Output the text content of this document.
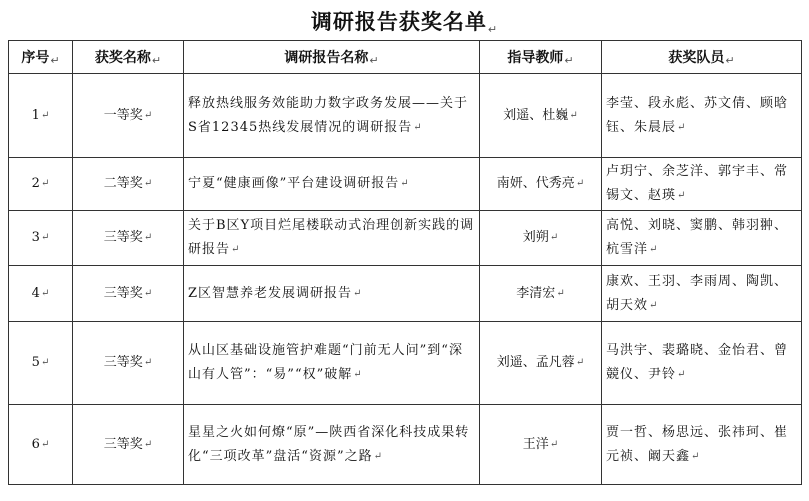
调研报告获奖名单↵
序号↵	获奖名称↵	调研报告名称↵	指导教师↵	获奖队员↵
1↵	一等奖↵	释放热线服务效能助力数字政务发展——关于S省12345热线发展情况的调研报告↵	刘遥、杜巍↵	李莹、段永彪、苏文倩、顾晗钰、朱晨辰↵
2↵	二等奖↵	宁夏“健康画像”平台建设调研报告↵	南妍、代秀亮↵	卢玥宁、余芝洋、郭宇丰、常锡文、赵瑛↵
3↵	三等奖↵	关于B区Y项目烂尾楼联动式治理创新实践的调研报告↵	刘朔↵	高悦、刘晓、窦鹏、韩羽翀、杭雪洋↵
4↵	三等奖↵	Z区智慧养老发展调研报告↵	李清宏↵	康欢、王羽、李雨周、陶凯、胡天效↵
5↵	三等奖↵	从山区基础设施管护难题“门前无人问”到“深山有人管”：“易”“权”破解↵	刘遥、孟凡蓉↵	马洪宇、裴璐晓、金怡君、曾競仪、尹铃↵
6↵	三等奖↵	星星之火如何燎“原”—陕西省深化科技成果转化“三项改革”盘活“资源”之路↵	王洋↵	贾一哲、杨思远、张祎珂、崔元祯、阚天鑫↵
